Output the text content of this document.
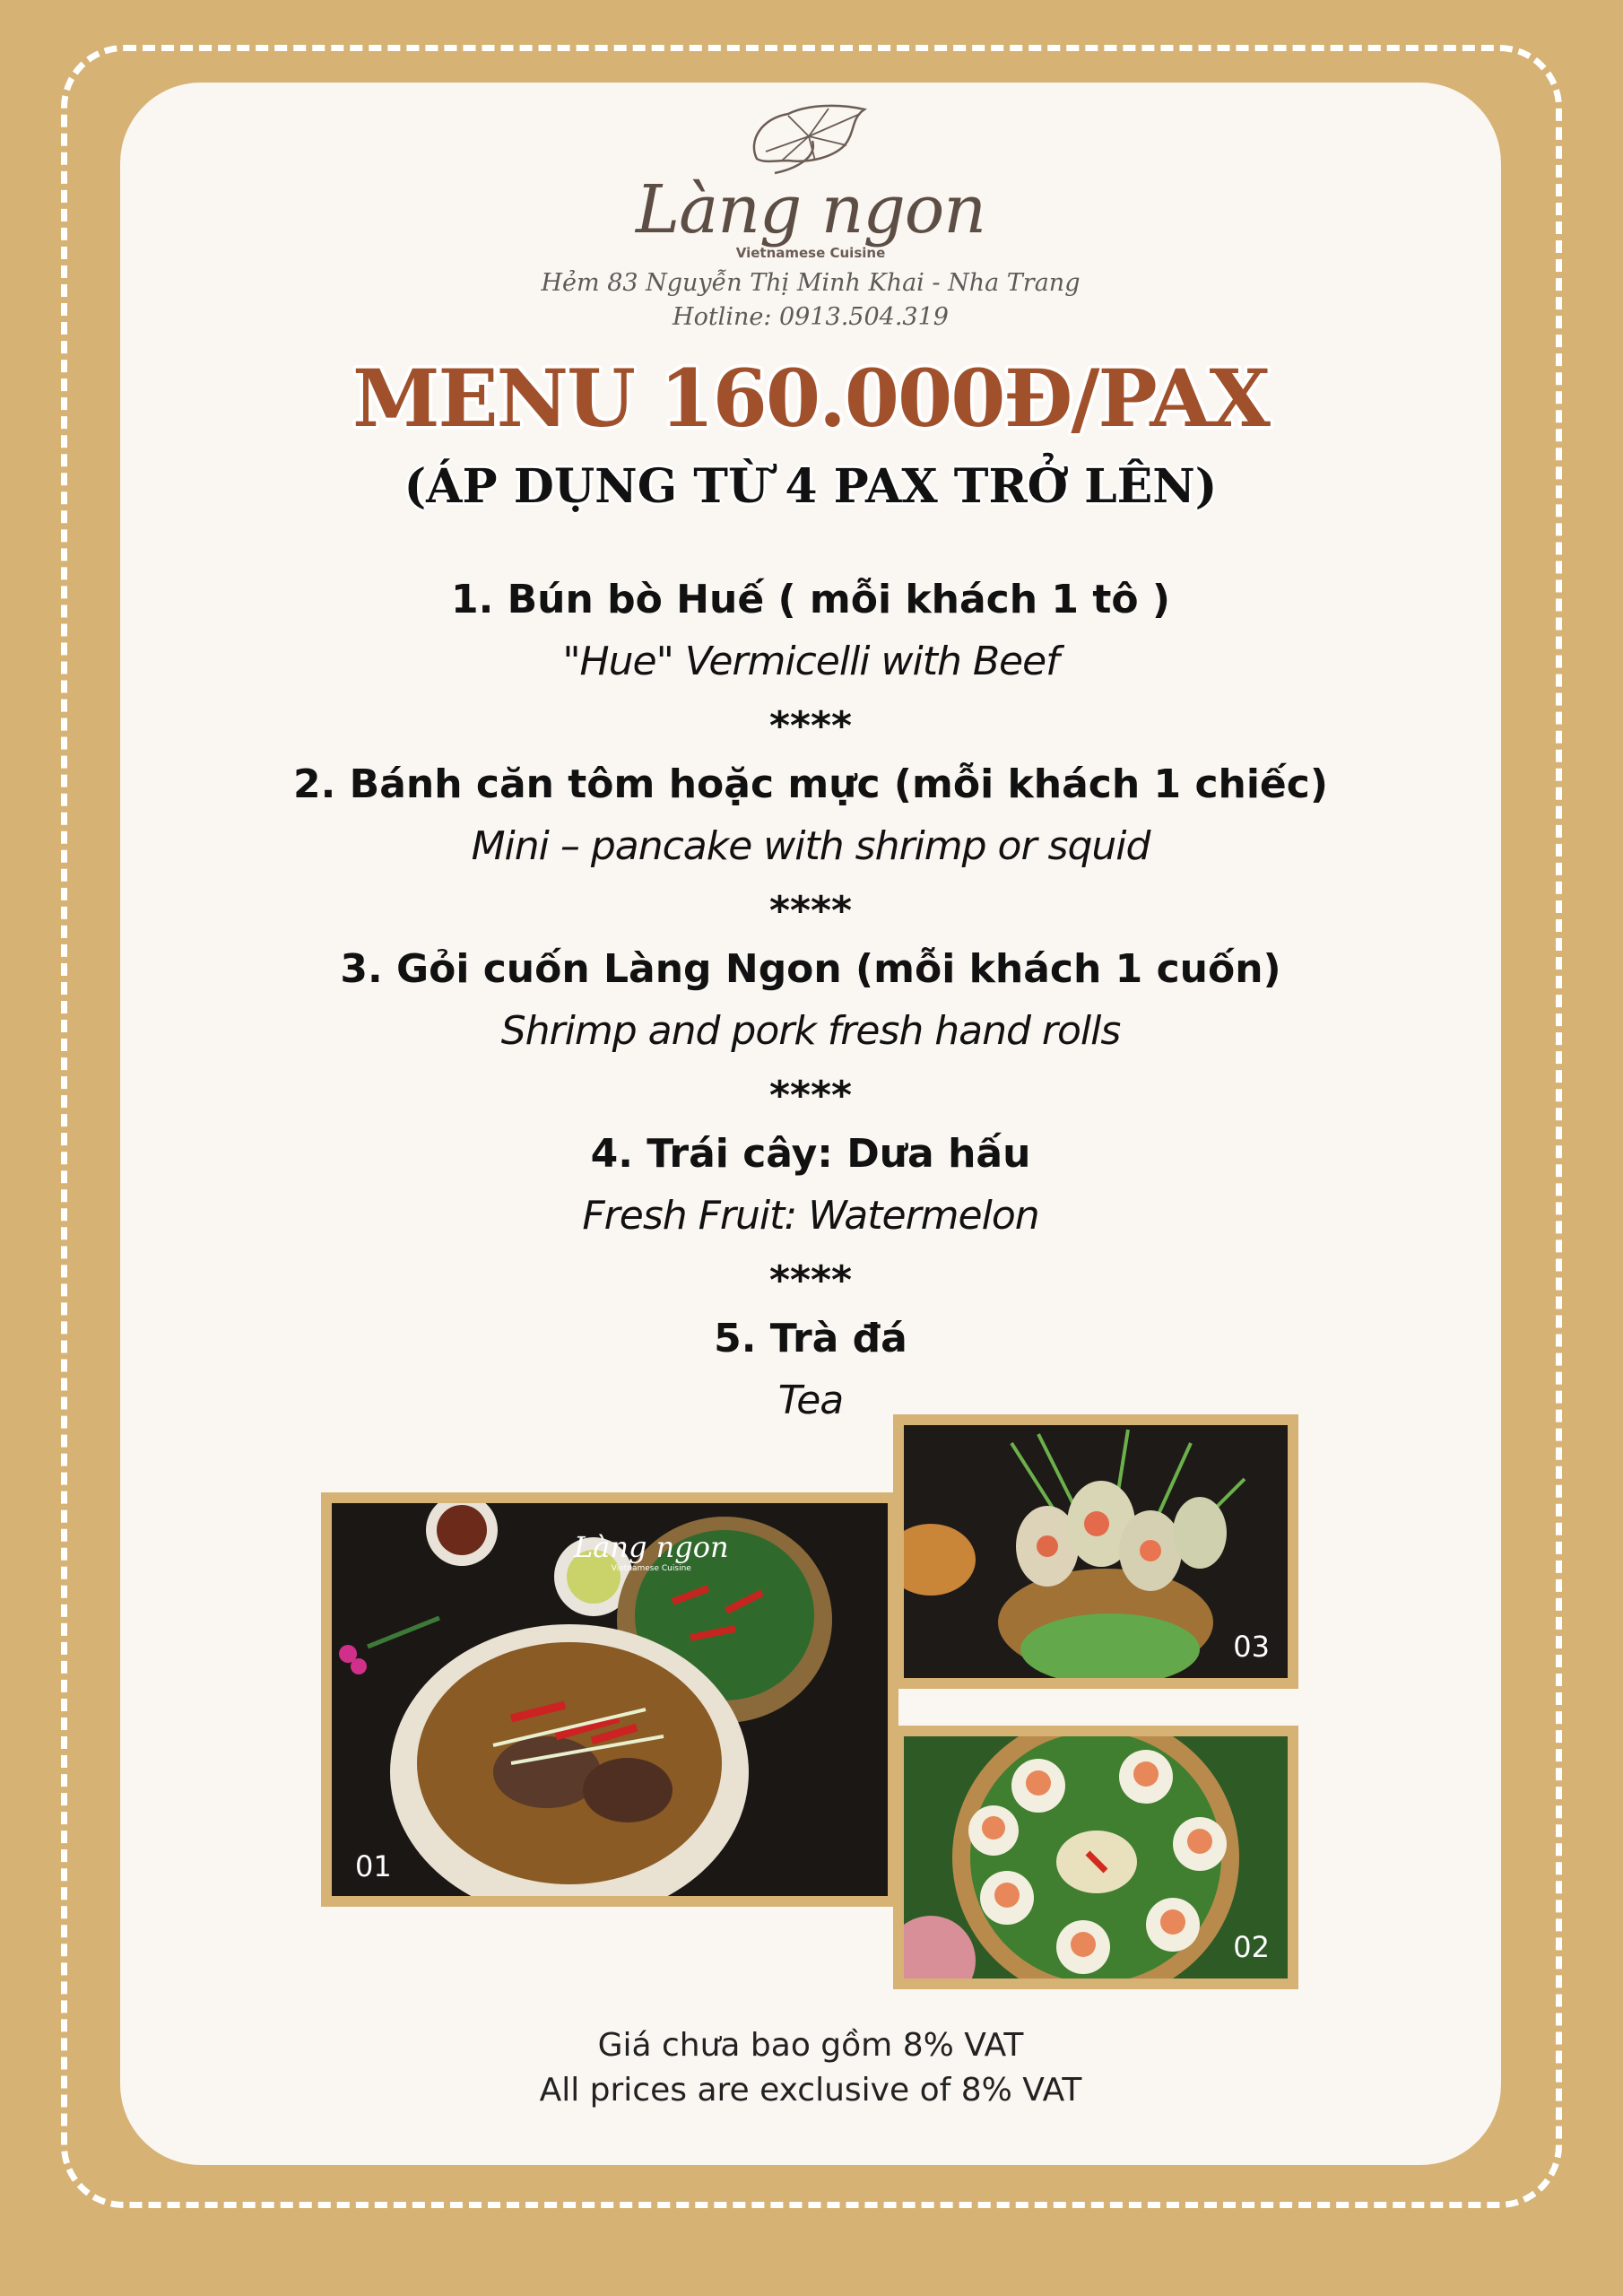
Làng ngon
Vietnamese Cuisine
Hẻm 83 Nguyễn Thị Minh Khai - Nha Trang
Hotline: 0913.504.319
MENU 160.000Đ/PAX
(ÁP DỤNG TỪ 4 PAX TRỞ LÊN)
1. Bún bò Huế ( mỗi khách 1 tô )
"Hue" Vermicelli with Beef
****
2. Bánh căn tôm hoặc mực (mỗi khách 1 chiếc)
Mini – pancake with shrimp or squid
****
3. Gỏi cuốn Làng Ngon (mỗi khách 1 cuốn)
Shrimp and pork fresh hand rolls
****
4. Trái cây: Dưa hấu
Fresh Fruit: Watermelon
****
5. Trà đá
Tea
01
Làng ngon
Vietnamese Cuisine
03
02
Giá chưa bao gồm 8% VAT
All prices are exclusive of 8% VAT
